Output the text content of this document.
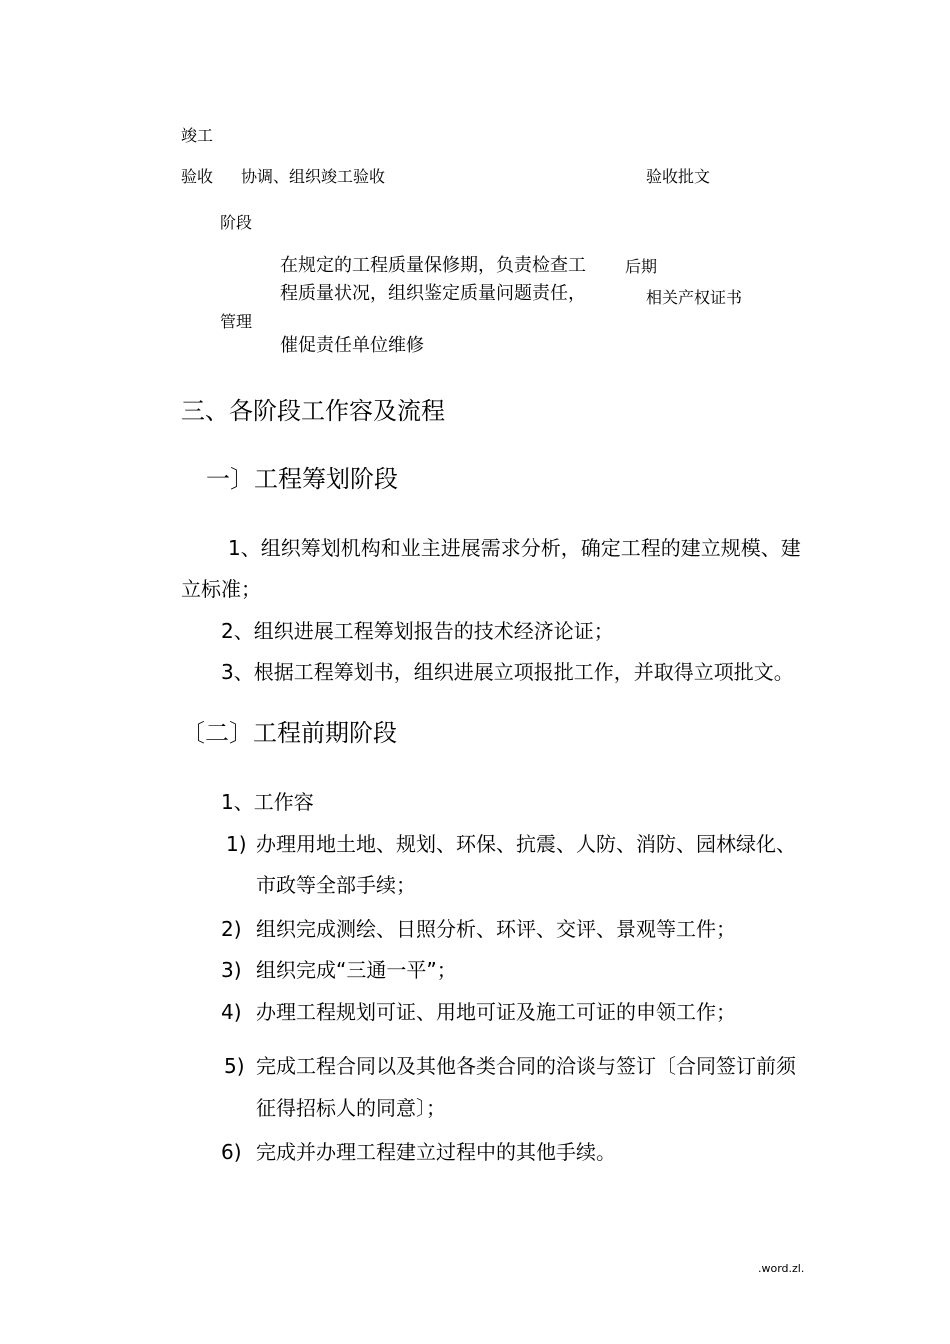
竣工
验收 协调、组织竣工验收	验收批文
阶段
在规定的工程质量保修期，负责检查工 后期
程质量状况，组织鉴定质量问题责任，	相关产权证书
管理
催促责任单位维修
三、各阶段工作容及流程
一〕工程筹划阶段
1、组织筹划机构和业主进展需求分析，确定工程的建立规模、建
立标准；
2、组织进展工程筹划报告的技术经济论证；
3、根据工程筹划书，组织进展立项报批工作，并取得立项批文。
〔二〕工程前期阶段
1、工作容
1) 办理用地土地、规划、环保、抗震、人防、消防、园林绿化、
市政等全部手续；
2) 组织完成测绘、日照分析、环评、交评、景观等工件；
3) 组织完成“三通一平”；
4) 办理工程规划可证、用地可证及施工可证的申领工作；
5) 完成工程合同以及其他各类合同的洽谈与签订〔合同签订前须
征得招标人的同意〕；
6) 完成并办理工程建立过程中的其他手续。
.word.zl.
